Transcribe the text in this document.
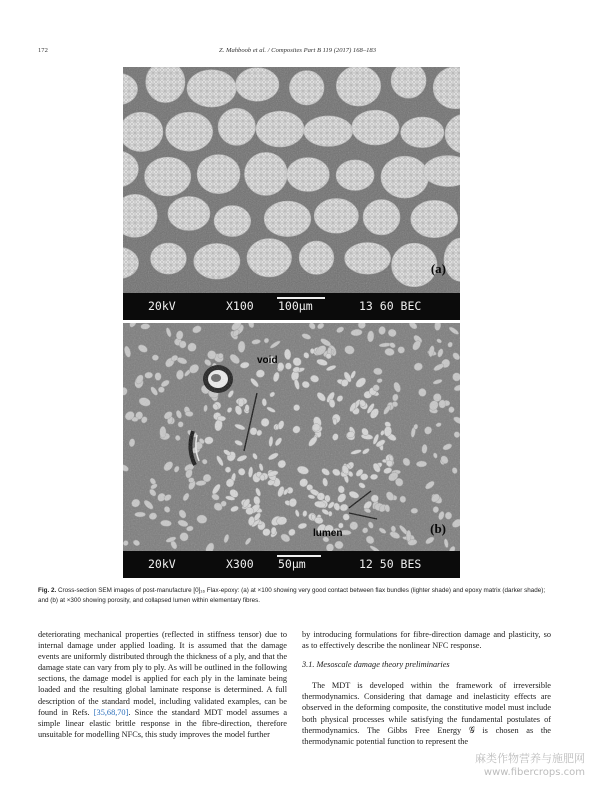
172	Z. Mahboob et al. / Composites Part B 119 (2017) 168–183
(a)
20kV	X100 100μm	13 60 BEC
void
lumen	(b)
20kV	X300 50μm	12 50 BES
Fig. 2. Cross-section SEM images of post-manufacture [0]₁₆ Flax-epoxy: (a) at ×100 showing very good contact between flax bundles (lighter shade) and epoxy matrix (darker shade); and (b) at ×300 showing porosity, and collapsed lumen within elementary fibres.

deteriorating mechanical properties (reflected in stiffness tensor) due to internal damage under applied loading. It is assumed that the damage events are uniformly distributed through the thickness of a ply, and that the damage state can vary from ply to ply. As will be outlined in the following sections, the damage model is applied for each ply in the laminate being loaded and the resulting global laminate response is determined. A full description of the standard model, including validated examples, can be found in Refs. [35,68,70]. Since the standard MDT model assumes a simple linear elastic brittle response in the fibre-direction, therefore unsuitable for modelling NFCs, this study improves the model further

by introducing formulations for fibre-direction damage and plasticity, so as to effectively describe the nonlinear NFC response.

3.1. Mesoscale damage theory preliminaries

The MDT is developed within the framework of irreversible thermodynamics. Considering that damage and inelasticity effects are observed in the deforming composite, the constitutive model must include both physical processes while satisfying the fundamental postulates of thermodynamics. The Gibbs Free Energy 𝒢 is chosen as the thermodynamic potential function to represent the

麻类作物营养与施肥网
www.fibercrops.com
